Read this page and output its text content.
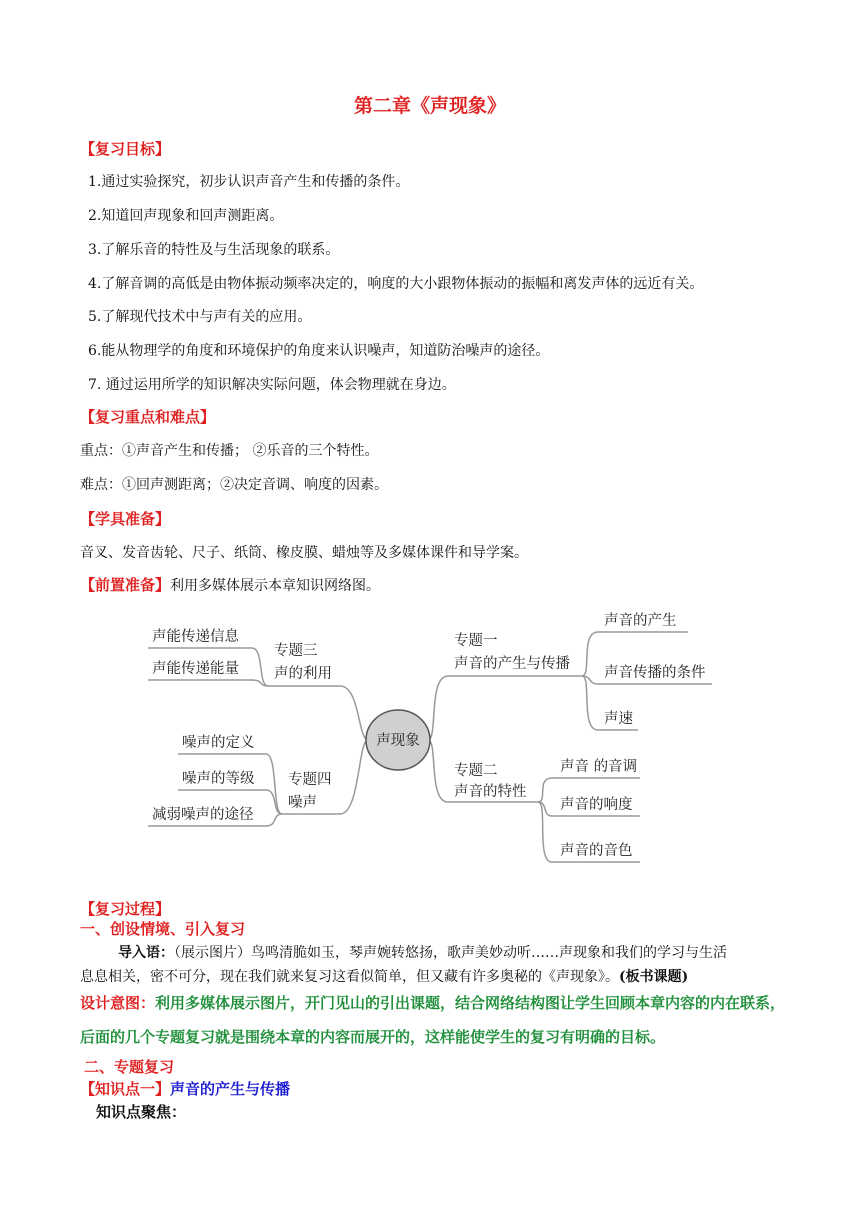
第二章《声现象》
【复习目标】
1.通过实验探究，初步认识声音产生和传播的条件。
2.知道回声现象和回声测距离。
3.了解乐音的特性及与生活现象的联系。
4.了解音调的高低是由物体振动频率决定的，响度的大小跟物体振动的振幅和离发声体的远近有关。
5.了解现代技术中与声有关的应用。
6.能从物理学的角度和环境保护的角度来认识噪声，知道防治噪声的途径。
7. 通过运用所学的知识解决实际问题，体会物理就在身边。
【复习重点和难点】
重点：①声音产生和传播； ②乐音的三个特性。
难点：①回声测距离；②决定音调、响度的因素。
【学具准备】
音叉、发音齿轮、尺子、纸筒、橡皮膜、蜡烛等及多媒体课件和导学案。
【前置准备】利用多媒体展示本章知识网络图。
声现象
专题一
声音的产生与传播
声音的产生
声音传播的条件
声速
专题二
声音的特性
声音 的音调
声音的响度
声音的音色
专题三
声的利用
声能传递信息
声能传递能量
专题四
噪声
噪声的定义
噪声的等级
减弱噪声的途径
【复习过程】
一、创设情境、引入复习
导入语：（展示图片）鸟鸣清脆如玉，琴声婉转悠扬，歌声美妙动听……声现象和我们的学习与生活
息息相关，密不可分，现在我们就来复习这看似简单，但又藏有许多奥秘的《声现象》。(板书课题)
设计意图：利用多媒体展示图片，开门见山的引出课题，结合网络结构图让学生回顾本章内容的内在联系，
后面的几个专题复习就是围绕本章的内容而展开的，这样能使学生的复习有明确的目标。
二、专题复习
【知识点一】声音的产生与传播
知识点聚焦：
